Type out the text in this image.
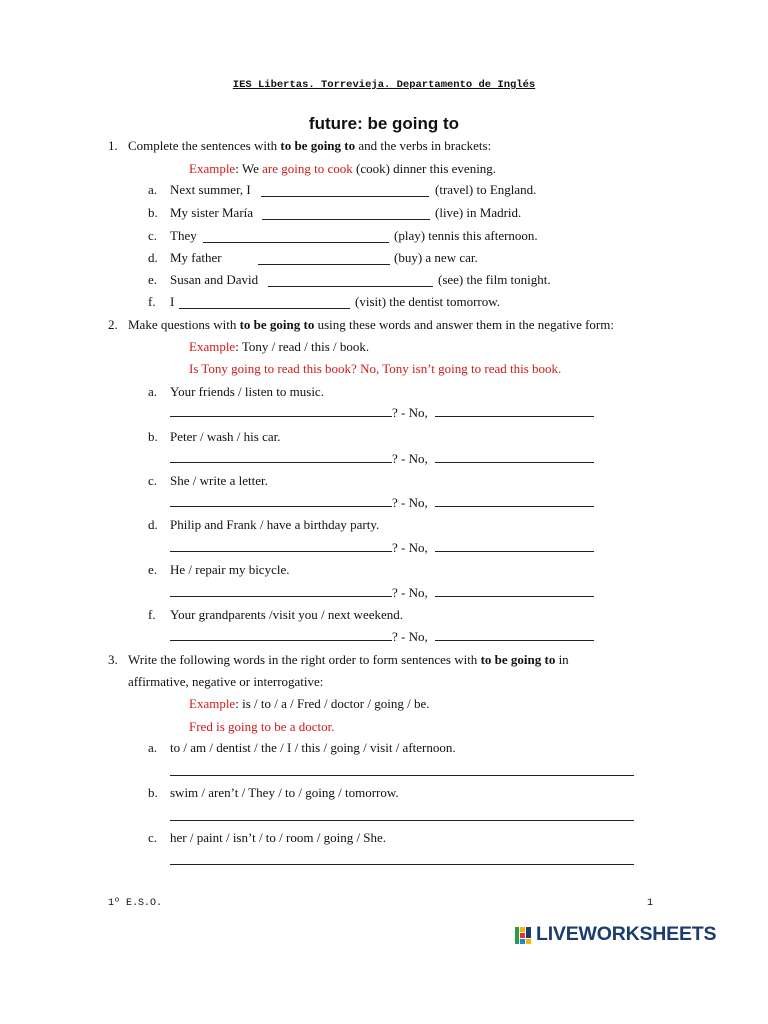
IES Libertas. Torrevieja. Departamento de Inglés
future: be going to
1. Complete the sentences with to be going to and the verbs in brackets:
Example: We are going to cook (cook) dinner this evening.
a. Next summer, I	(travel) to England.
b. My sister María	(live) in Madrid.
c. They	(play) tennis this afternoon.
d. My father	(buy) a new car.
e. Susan and David	(see) the film tonight.
f. I	(visit) the dentist tomorrow.
2. Make questions with to be going to using these words and answer them in the negative form:
Example: Tony / read / this / book.
Is Tony going to read this book? No, Tony isn’t going to read this book.
a. Your friends / listen to music.
? - No,
b. Peter / wash / his car.
? - No,
c. She / write a letter.
? - No,
d. Philip and Frank / have a birthday party.
? - No,
e. He / repair my bicycle.
? - No,
f. Your grandparents /visit you / next weekend.
? - No,
3. Write the following words in the right order to form sentences with to be going to in
affirmative, negative or interrogative:
Example: is / to / a / Fred / doctor / going / be.
Fred is going to be a doctor.
a. to / am / dentist / the / I / this / going / visit / afternoon.
b. swim / aren’t / They / to / going / tomorrow.
c. her / paint / isn’t / to / room / going / She.
1º E.S.O.	1
LIVEWORKSHEETS
